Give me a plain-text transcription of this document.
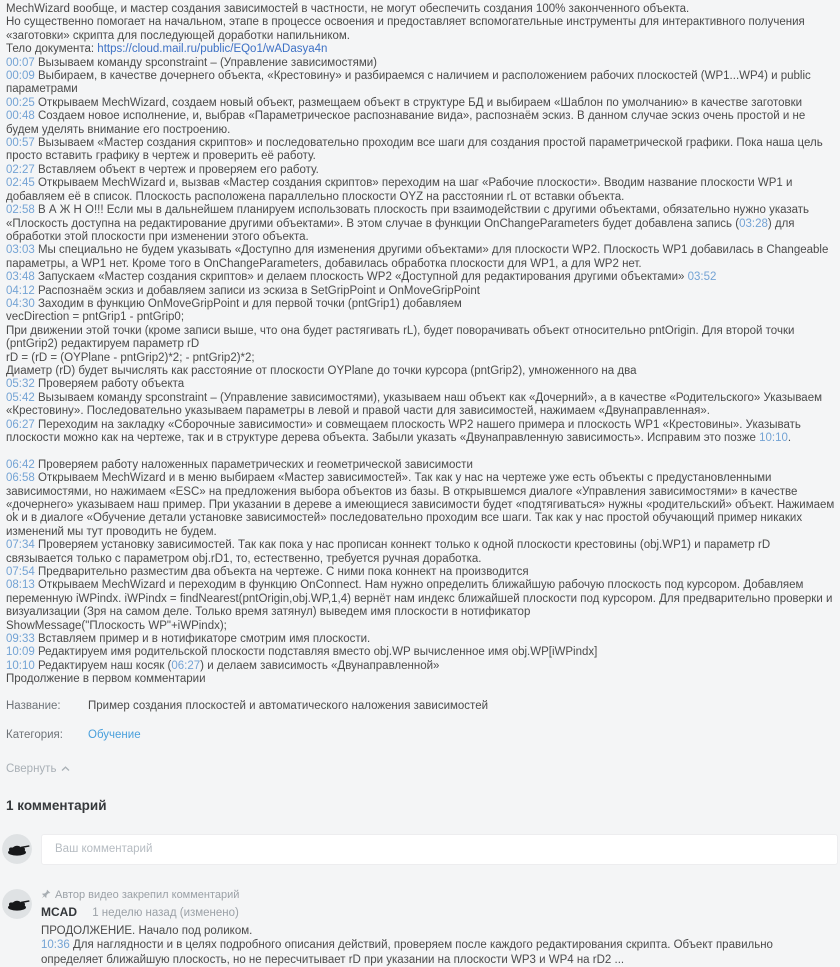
MechWizard вообще, и мастер создания зависимостей в частности, не могут обеспечить создания 100% законченного объекта.

Но существенно помогает на начальном, этапе в процессе освоения и предоставляет вспомогательные инструменты для интерактивного получения «заготовки» скрипта для последующей доработки напильником.

Тело документа: https://cloud.mail.ru/public/EQo1/wADasya4n

00:07 Вызываем команду spconstraint – (Управление зависимостями)

00:09 Выбираем, в качестве дочернего объекта, «Крестовину» и разбираемся с наличием и расположением рабочих плоскостей (WP1...WP4) и public параметрами

00:25 Открываем MechWizard, создаем новый объект, размещаем объект в структуре БД и выбираем «Шаблон по умолчанию» в качестве заготовки

00:48 Создаем новое исполнение, и, выбрав «Параметрическое распознавание вида», распознаём эскиз. В данном случае эскиз очень простой и не будем уделять внимание его построению.

00:57 Вызываем «Мастер создания скриптов» и последовательно проходим все шаги для создания простой параметрической графики. Пока наша цель просто вставить графику в чертеж и проверить её работу.

02:27 Вставляем объект в чертеж и проверяем его работу.

02:45 Открываем MechWizard и, вызвав «Мастер создания скриптов» переходим на шаг «Рабочие плоскости». Вводим название плоскости WP1 и добавляем её в список. Плоскость расположена параллельно плоскости OYZ на расстоянии rL от вставки объекта.

02:58 В А Ж Н О!!! Если мы в дальнейшем планируем использовать плоскость при взаимодействии с другими объектами, обязательно нужно указать «Плоскость доступна на редактирование другими объектами». В этом случае в функции OnChangeParameters будет добавлена запись (03:28) для обработки этой плоскости при изменении этого объекта.

03:03 Мы специально не будем указывать «Доступно для изменения другими объектами» для плоскости WP2. Плоскость WP1 добавилась в Changeable параметры, а WP1 нет. Кроме того в OnChangeParameters, добавилась обработка плоскости для WP1, а для WP2 нет.

03:48 Запускаем «Мастер создания скриптов» и делаем плоскость WP2 «Доступной для редактирования другими объектами» 03:52

04:12 Распознаём эскиз и добавляем записи из эскиза в SetGripPoint и OnMoveGripPoint

04:30 Заходим в функцию OnMoveGripPoint и для первой точки (pntGrip1) добавляем

vecDirection = pntGrip1 - pntGrip0;

При движении этой точки (кроме записи выше, что она будет растягивать rL), будет поворачивать объект относительно pntOrigin. Для второй точки (pntGrip2) редактируем параметр rD

rD = (rD = (OYPlane - pntGrip2)*2; - pntGrip2)*2;

Диаметр (rD) будет вычислять как расстояние от плоскости OYPlane до точки курсора (pntGrip2), умноженного на два

05:32 Проверяем работу объекта

05:42 Вызываем команду spconstraint – (Управление зависимостями), указываем наш объект как «Дочерний», а в качестве «Родительского» Указываем «Крестовину». Последовательно указываем параметры в левой и правой части для зависимостей, нажимаем «Двунаправленная».

06:27 Переходим на закладку «Сборочные зависимости» и совмещаем плоскость WP2 нашего примера и плоскость WP1 «Крестовины». Указывать плоскости можно как на чертеже, так и в структуре дерева объекта. Забыли указать «Двунаправленную зависимость». Исправим это позже 10:10.

06:42 Проверяем работу наложенных параметрических и геометрической зависимости

06:58 Открываем MechWizard и в меню выбираем «Мастер зависимостей». Так как у нас на чертеже уже есть объекты с предустановленными зависимостями, но нажимаем «ESC» на предложения выбора объектов из базы. В открывшемся диалоге «Управления зависимостями» в качестве «дочернего» указываем наш пример. При указании в дереве а имеющиеся зависимости будет «подтягиваться» нужны «родительский» объект. Нажимаем ok и в диалоге «Обучение детали установке зависимостей» последовательно проходим все шаги. Так как у нас простой обучающий пример никаких изменений мы тут проводить не будем.

07:34 Проверяем установку зависимостей. Так как пока у нас прописан коннект только к одной плоскости крестовины (obj.WP1) и параметр rD связывается только с параметром obj.rD1, то, естественно, требуется ручная доработка.

07:54 Предварительно разместим два объекта на чертеже. С ними пока коннект на производится

08:13 Открываем MechWizard и переходим в функцию OnConnect. Нам нужно определить ближайшую рабочую плоскость под курсором. Добавляем переменную iWPindx. iWPindx = findNearest(pntOrigin,obj.WP,1,4) вернёт нам индекс ближайшей плоскости под курсором. Для предварительно проверки и визуализации (Зря на самом деле. Только время затянул) выведем имя плоскости в нотификатор

ShowMessage("Плоскость WP"+iWPindx);

09:33 Вставляем пример и в нотификаторе смотрим имя плоскости.

10:09 Редактируем имя родительской плоскости подставляя вместо obj.WP вычисленное имя obj.WP[iWPindx]

10:10 Редактируем наш косяк (06:27) и делаем зависимость «Двунаправленной»

Продолжение в первом комментарии

Название:	Пример создания плоскостей и автоматического наложения зависимостей
Категория:	Обучение
Свернуть
1 комментарий
Ваш комментарий
Автор видео закрепил комментарий
MCAD 1 неделю назад (изменено)

ПРОДОЛЖЕНИЕ. Начало под роликом.

10:36 Для наглядности и в целях подробного описания действий, проверяем после каждого редактирования скрипта. Объект правильно определяет ближайшую плоскость, но не пересчитывает rD при указании на плоскости WP3 и WP4 на rD2 ...
